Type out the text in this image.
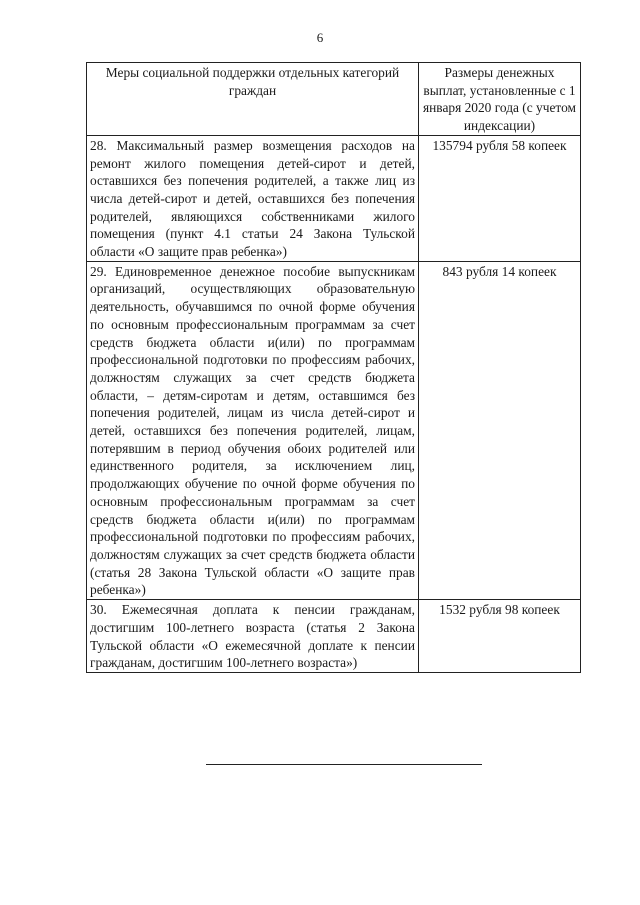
6
Меры социальной поддержки отдельных категорий граждан	Размеры денежных выплат, установленные с 1 января 2020 года (с учетом индексации)
28. Максимальный размер возмещения расходов на ремонт жилого помещения детей-сирот и детей, оставшихся без попечения родителей, а также лиц из числа детей-сирот и детей, оставшихся без попечения родителей, являющихся собственниками жилого помещения (пункт 4.1 статьи 24 Закона Тульской области «О защите прав ребенка»)	135794 рубля 58 копеек
29. Единовременное денежное пособие выпускникам организаций, осуществляющих образовательную деятельность, обучавшимся по очной форме обучения по основным профессиональным программам за счет средств бюджета области и(или) по программам профессиональной подготовки по профессиям рабочих, должностям служащих за счет средств бюджета области, – детям-сиротам и детям, оставшимся без попечения родителей, лицам из числа детей-сирот и детей, оставшихся без попечения родителей, лицам, потерявшим в период обучения обоих родителей или единственного родителя, за исключением лиц, продолжающих обучение по очной форме обучения по основным профессиональным программам за счет средств бюджета области и(или) по программам профессиональной подготовки по профессиям рабочих, должностям служащих за счет средств бюджета области (статья 28 Закона Тульской области «О защите прав ребенка»)	843 рубля 14 копеек
30. Ежемесячная доплата к пенсии гражданам, достигшим 100-летнего возраста (статья 2 Закона Тульской области «О ежемесячной доплате к пенсии гражданам, достигшим 100-летнего возраста»)	1532 рубля 98 копеек
